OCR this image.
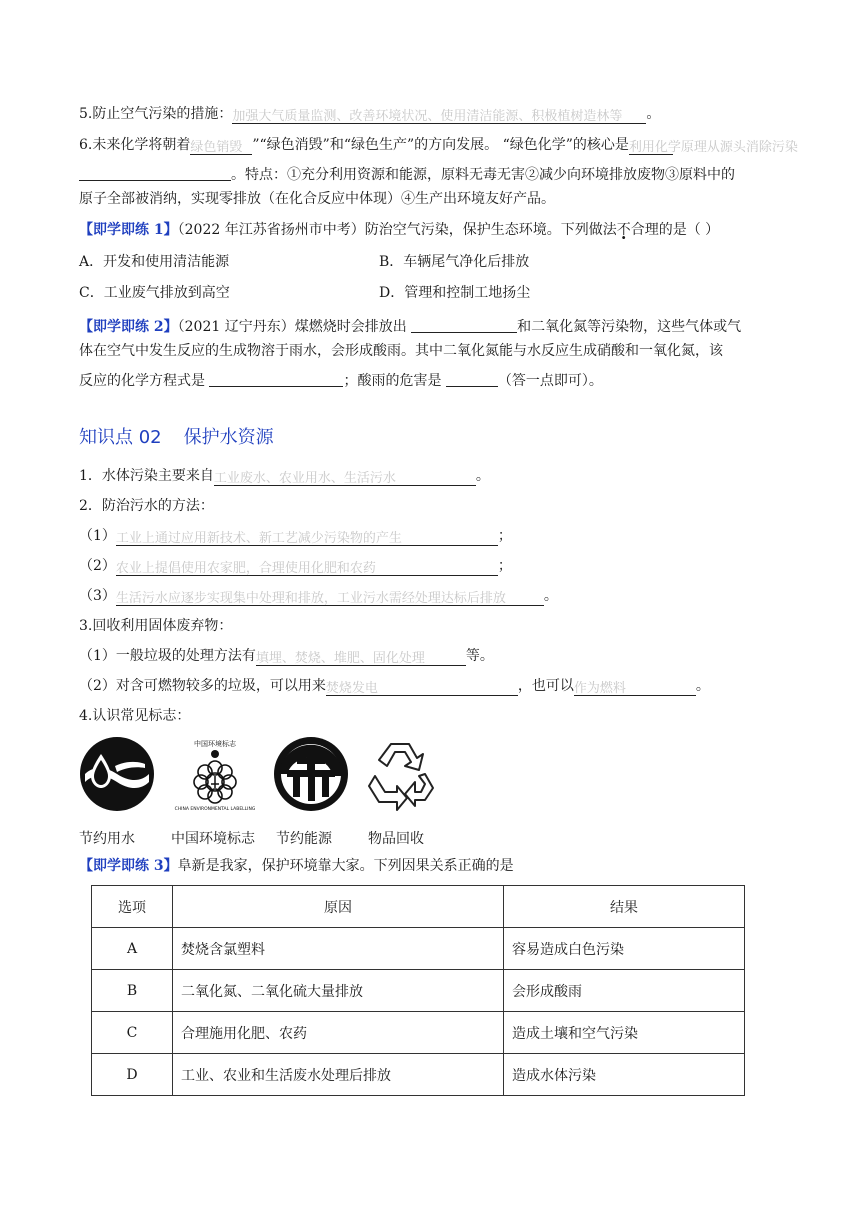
5.防止空气污染的措施：加强大气质量监测、改善环境状况、使用清洁能源、积极植树造林等 。
6.未来化学将朝着绿色销毁 ”“绿色消毁”和“绿色生产”的方向发展。 “绿色化学”的核心是利用化学原理从源头消除污染
。特点：①充分利用资源和能源，原料无毒无害②减少向环境排放废物③原料中的
原子全部被消纳，实现零排放（在化合反应中体现）④生产出环境友好产品。
【即学即练 1】（2022 年江苏省扬州市中考）防治空气污染，保护生态环境。下列做法不合理的是（ ）
A．开发和使用清洁能源	B．车辆尾气净化后排放
C．工业废气排放到高空	D．管理和控制工地扬尘
【即学即练 2】（2021 辽宁丹东）煤燃烧时会排放出	和二氧化氮等污染物，这些气体或气
体在空气中发生反应的生成物溶于雨水，会形成酸雨。其中二氧化氮能与水反应生成硝酸和一氧化氮，该
反应的化学方程式是	；酸雨的危害是	（答一点即可）。
知识点 02 保护水资源
1．水体污染主要来自工业废水、农业用水、生活污水	。
2．防治污水的方法：
（1）工业上通过应用新技术、新工艺减少污染物的产生	；
（2）农业上提倡使用农家肥，合理使用化肥和农药	；
（3）生活污水应逐步实现集中处理和排放，工业污水需经处理达标后排放	。
3.回收利用固体废弃物：
（1）一般垃圾的处理方法有填埋、焚烧、堆肥、固化处理	等。
（2）对含可燃物较多的垃圾，可以用来焚烧发电	，也可以作为燃料	。
4.认识常见标志：
中国环境标志
CHINA ENVIRONMENTAL LABELLING
节约用水	中国环境标志 节约能源	物品回收
【即学即练 3】阜新是我家，保护环境靠大家。下列因果关系正确的是
选项	原因	结果
A	焚烧含氯塑料	容易造成白色污染
B	二氧化氮、二氧化硫大量排放	会形成酸雨
C	合理施用化肥、农药	造成土壤和空气污染
D	工业、农业和生活废水处理后排放	造成水体污染
